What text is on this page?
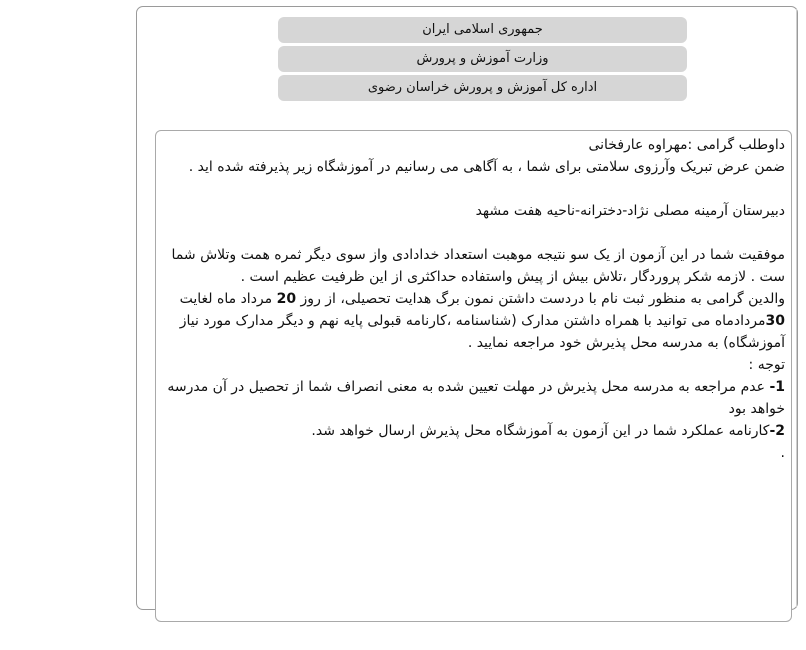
جمهوری اسلامی ایران
وزارت آموزش و پرورش
اداره کل آموزش و پرورش خراسان رضوی

داوطلب گرامی :مهراوه عارفخانی

ضمن عرض تبریک وآرزوی سلامتی برای شما ، به آگاهی می رسانیم در آموزشگاه زیر پذیرفته شده اید .

دبیرستان آرمینه مصلی نژاد-دخترانه-ناحیه هفت مشهد

موفقیت شما در این آزمون از یک سو نتیجه موهبت استعداد خدادادی واز سوی دیگر ثمره همت وتلاش شما ست . لازمه شکر پروردگار ،تلاش بیش از پیش واستفاده حداکثری از این ظرفیت عظیم است .

والدین گرامی به منظور ثبت نام با دردست داشتن نمون برگ هدایت تحصیلی، از روز 20 مرداد ماه لغایت 30مردادماه می توانید با همراه داشتن مدارک (شناسنامه ،کارنامه قبولی پایه نهم و دیگر مدارک مورد نیاز آموزشگاه) به مدرسه محل پذیرش خود مراجعه نمایید .

توجه :

1- عدم مراجعه به مدرسه محل پذیرش در مهلت تعیین شده به معنی انصراف شما از تحصیل در آن مدرسه خواهد بود

2-کارنامه عملکرد شما در این آزمون به آموزشگاه محل پذیرش ارسال خواهد شد.

.
